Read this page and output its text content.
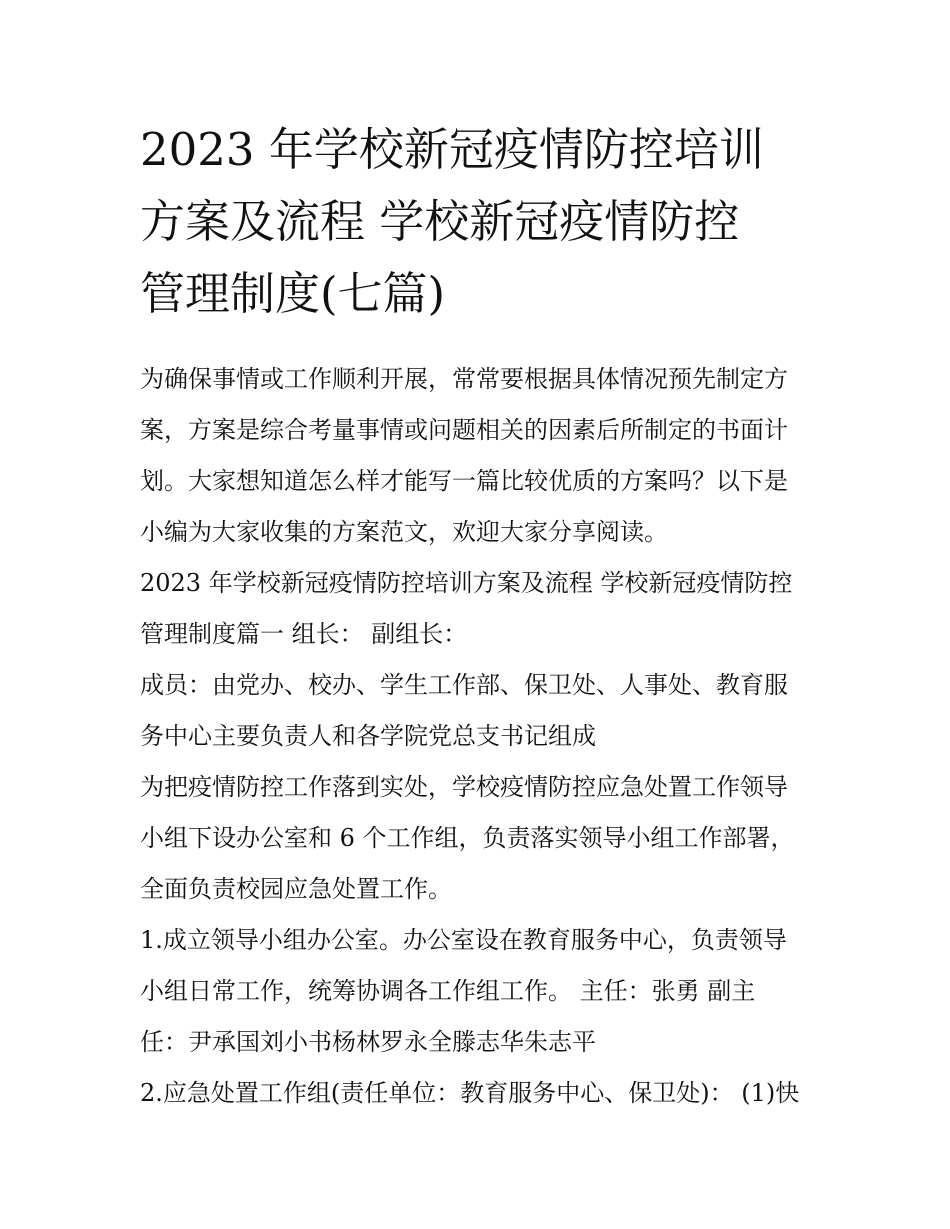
2023 年学校新冠疫情防控培训
方案及流程 学校新冠疫情防控
管理制度(七篇)

为确保事情或工作顺利开展，常常要根据具体情况预先制定方
案，方案是综合考量事情或问题相关的因素后所制定的书面计
划。大家想知道怎么样才能写一篇比较优质的方案吗？以下是
小编为大家收集的方案范文，欢迎大家分享阅读。

2023 年学校新冠疫情防控培训方案及流程 学校新冠疫情防控
管理制度篇一 组长： 副组长：

成员：由党办、校办、学生工作部、保卫处、人事处、教育服
务中心主要负责人和各学院党总支书记组成

为把疫情防控工作落到实处，学校疫情防控应急处置工作领导
小组下设办公室和 6 个工作组，负责落实领导小组工作部署，
全面负责校园应急处置工作。

1.成立领导小组办公室。办公室设在教育服务中心，负责领导
小组日常工作，统筹协调各工作组工作。 主任：张勇 副主
任：尹承国刘小书杨林罗永全滕志华朱志平

2.应急处置工作组(责任单位：教育服务中心、保卫处)： (1)快
